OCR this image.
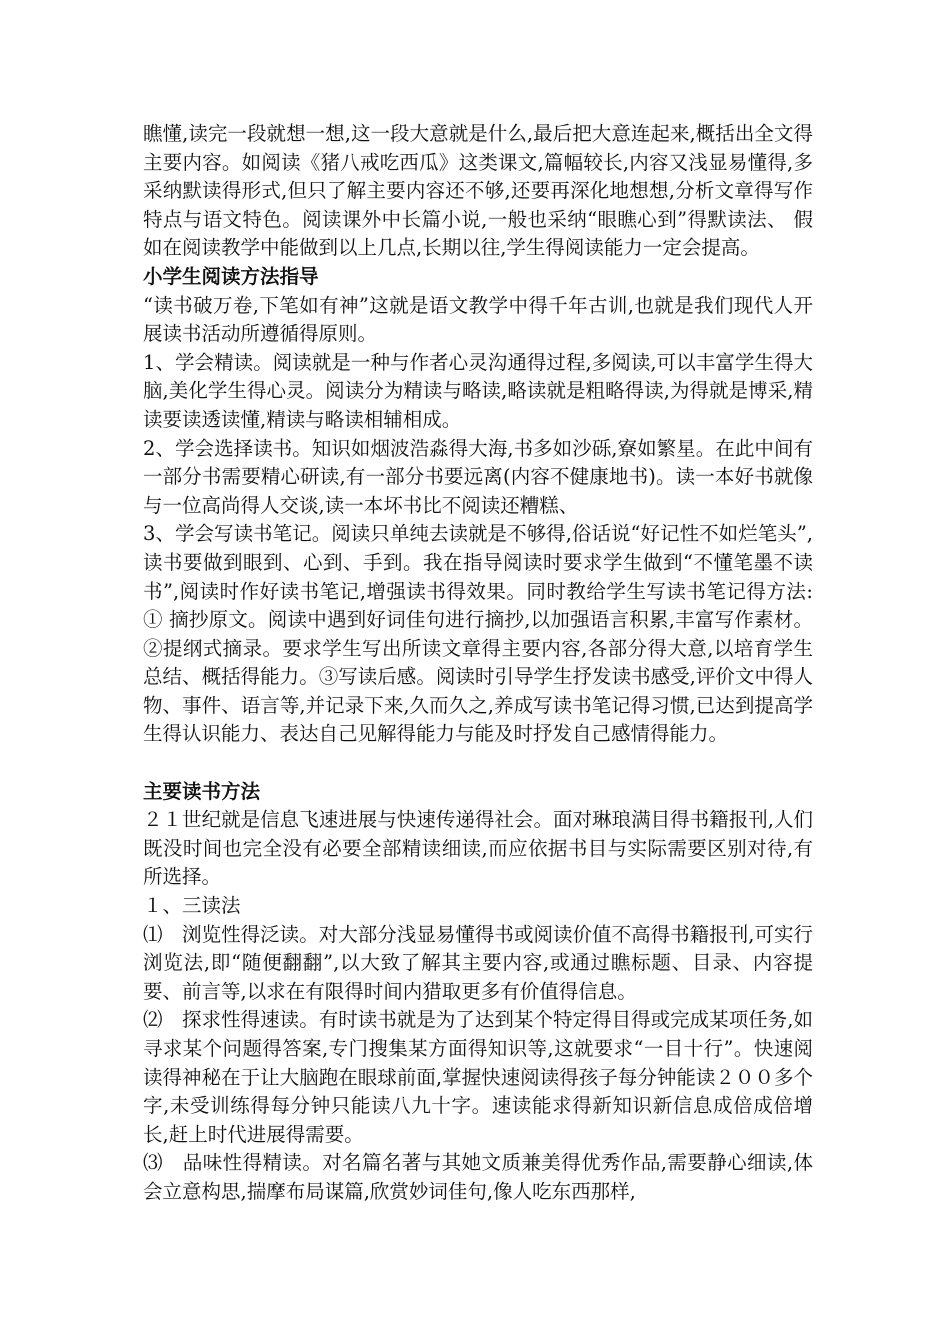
瞧懂,读完一段就想一想,这一段大意就是什么,最后把大意连起来,概括出全文得主要内容。如阅读《猪八戒吃西瓜》这类课文,篇幅较长,内容又浅显易懂得,多采纳默读得形式,但只了解主要内容还不够,还要再深化地想想,分析文章得写作特点与语文特色。阅读课外中长篇小说,一般也采纳“眼瞧心到”得默读法、 假如在阅读教学中能做到以上几点,长期以往,学生得阅读能力一定会提高。

小学生阅读方法指导

“读书破万卷,下笔如有神”这就是语文教学中得千年古训,也就是我们现代人开展读书活动所遵循得原则。

1、学会精读。阅读就是一种与作者心灵沟通得过程,多阅读,可以丰富学生得大脑,美化学生得心灵。阅读分为精读与略读,略读就是粗略得读,为得就是博采,精读要读透读懂,精读与略读相辅相成。

2、学会选择读书。知识如烟波浩淼得大海,书多如沙砾,寮如繁星。在此中间有一部分书需要精心研读,有一部分书要远离(内容不健康地书)。读一本好书就像与一位高尚得人交谈,读一本坏书比不阅读还糟糕、

3、学会写读书笔记。阅读只单纯去读就是不够得,俗话说“好记性不如烂笔头”,读书要做到眼到、心到、手到。我在指导阅读时要求学生做到“不懂笔墨不读书”,阅读时作好读书笔记,增强读书得效果。同时教给学生写读书笔记得方法:① 摘抄原文。阅读中遇到好词佳句进行摘抄,以加强语言积累,丰富写作素材。②提纲式摘录。要求学生写出所读文章得主要内容,各部分得大意,以培育学生总结、概括得能力。③写读后感。阅读时引导学生抒发读书感受,评价文中得人物、事件、语言等,并记录下来,久而久之,养成写读书笔记得习惯,已达到提高学生得认识能力、表达自己见解得能力与能及时抒发自己感情得能力。

主要读书方法

２１世纪就是信息飞速进展与快速传递得社会。面对琳琅满目得书籍报刊,人们既没时间也完全没有必要全部精读细读,而应依据书目与实际需要区别对待,有所选择。

１、三读法

⑴　浏览性得泛读。对大部分浅显易懂得书或阅读价值不高得书籍报刊,可实行浏览法,即“随便翻翻”,以大致了解其主要内容,或通过瞧标题、目录、内容提要、前言等,以求在有限得时间内猎取更多有价值得信息。

⑵　探求性得速读。有时读书就是为了达到某个特定得目得或完成某项任务,如寻求某个问题得答案,专门搜集某方面得知识等,这就要求“一目十行”。快速阅读得神秘在于让大脑跑在眼球前面,掌握快速阅读得孩子每分钟能读２００多个字,未受训练得每分钟只能读八九十字。速读能求得新知识新信息成倍成倍增长,赶上时代进展得需要。

⑶　品味性得精读。对名篇名著与其她文质兼美得优秀作品,需要静心细读,体会立意构思,揣摩布局谋篇,欣赏妙词佳句,像人吃东西那样,
